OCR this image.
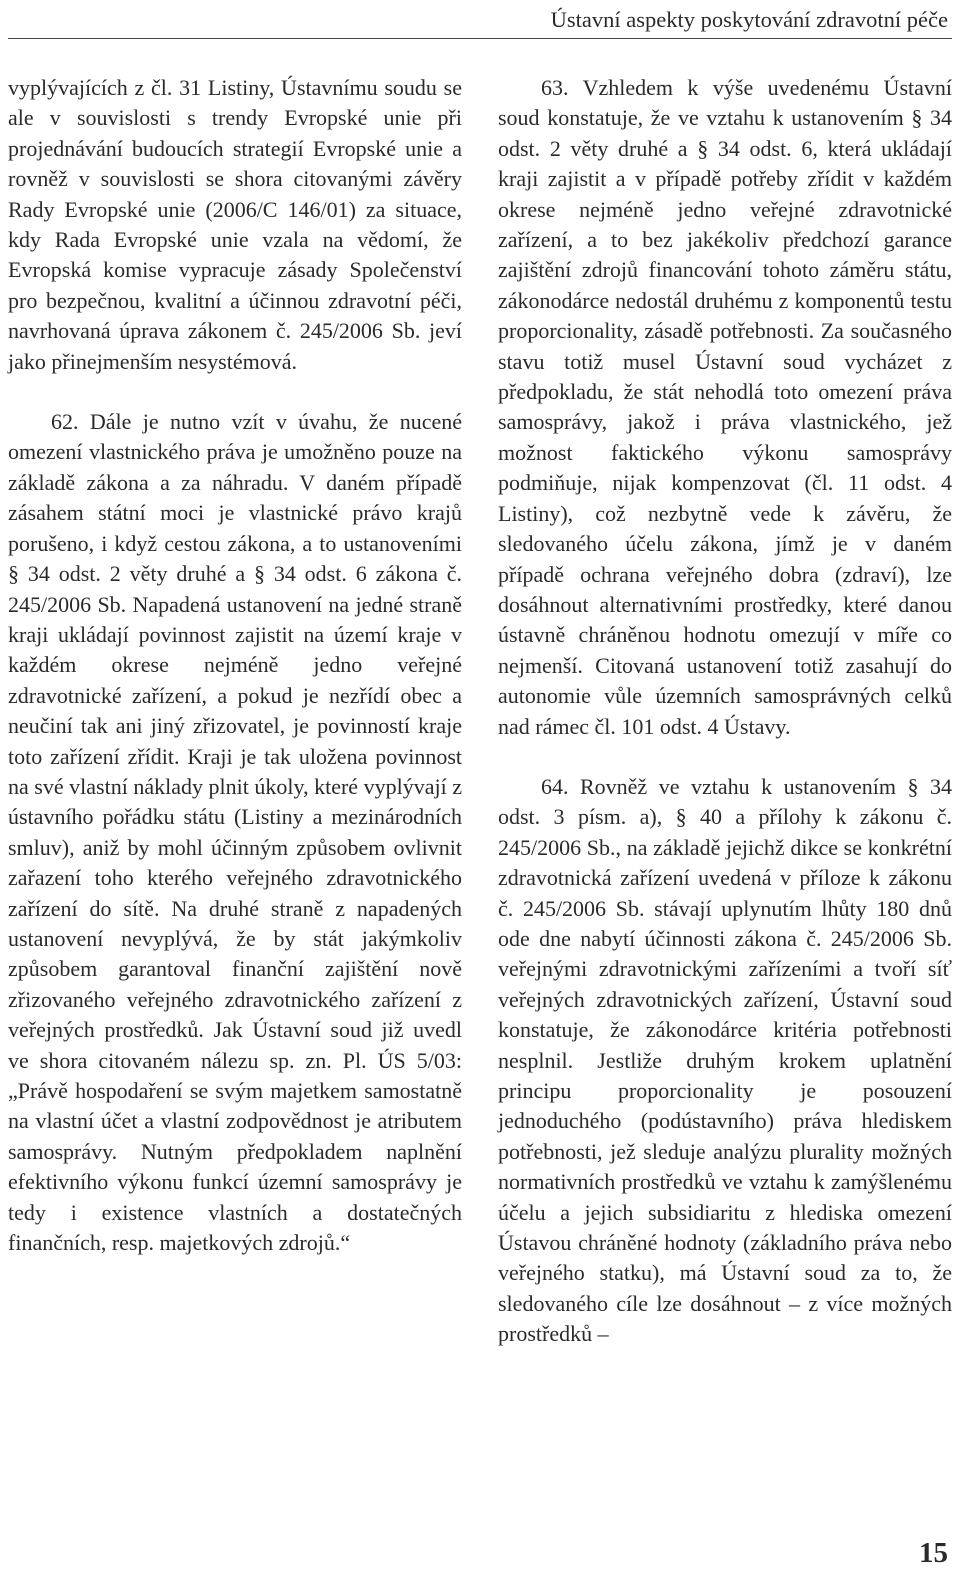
Ústavní aspekty poskytování zdravotní péče

vyplývajících z čl. 31 Listiny, Ústavnímu soudu se ale v souvislosti s trendy Evropské unie při projednávání budoucích strategií Evropské unie a rovněž v souvislosti se shora citovanými závěry Rady Evropské unie (2006/C 146/01) za situace, kdy Rada Evropské unie vzala na vědomí, že Evropská komise vypracuje zásady Společenství pro bezpečnou, kvalitní a účinnou zdravotní péči, navrhovaná úprava zákonem č. 245/2006 Sb. jeví jako přinejmenším nesystémová.

62. Dále je nutno vzít v úvahu, že nucené omezení vlastnického práva je umožněno pouze na základě zákona a za náhradu. V daném případě zásahem státní moci je vlastnické právo krajů porušeno, i když cestou zákona, a to ustanoveními § 34 odst. 2 věty druhé a § 34 odst. 6 zákona č. 245/2006 Sb. Napadená ustanovení na jedné straně kraji ukládají povinnost zajistit na území kraje v každém okrese nejméně jedno veřejné zdravotnické zařízení, a pokud je nezřídí obec a neučiní tak ani jiný zřizovatel, je povinností kraje toto zařízení zřídit. Kraji je tak uložena povinnost na své vlastní náklady plnit úkoly, které vyplývají z ústavního pořádku státu (Listiny a mezinárodních smluv), aniž by mohl účinným způsobem ovlivnit zařazení toho kterého veřejného zdravotnického zařízení do sítě. Na druhé straně z napadených ustanovení nevyplývá, že by stát jakýmkoliv způsobem garantoval finanční zajištění nově zřizovaného veřejného zdravotnického zařízení z veřejných prostředků. Jak Ústavní soud již uvedl ve shora citovaném nálezu sp. zn. Pl. ÚS 5/03: „Právě hospodaření se svým majetkem samostatně na vlastní účet a vlastní zodpovědnost je atributem samosprávy. Nutným předpokladem naplnění efektivního výkonu funkcí územní samosprávy je tedy i existence vlastních a dostatečných finančních, resp. majetkových zdrojů.“

63. Vzhledem k výše uvedenému Ústavní soud konstatuje, že ve vztahu k ustanovením § 34 odst. 2 věty druhé a § 34 odst. 6, která ukládají kraji zajistit a v případě potřeby zřídit v každém okrese nejméně jedno veřejné zdravotnické zařízení, a to bez jakékoliv předchozí garance zajištění zdrojů financování tohoto záměru státu, zákonodárce nedostál druhému z komponentů testu proporcionality, zásadě potřebnosti. Za současného stavu totiž musel Ústavní soud vycházet z předpokladu, že stát nehodlá toto omezení práva samosprávy, jakož i práva vlastnického, jež možnost faktického výkonu samosprávy podmiňuje, nijak kompenzovat (čl. 11 odst. 4 Listiny), což nezbytně vede k závěru, že sledovaného účelu zákona, jímž je v daném případě ochrana veřejného dobra (zdraví), lze dosáhnout alternativními prostředky, které danou ústavně chráněnou hodnotu omezují v míře co nejmenší. Citovaná ustanovení totiž zasahují do autonomie vůle územních samosprávných celků nad rámec čl. 101 odst. 4 Ústavy.

64. Rovněž ve vztahu k ustanovením § 34 odst. 3 písm. a), § 40 a přílohy k zákonu č. 245/2006 Sb., na základě jejichž dikce se konkrétní zdravotnická zařízení uvedená v příloze k zákonu č. 245/2006 Sb. stávají uplynutím lhůty 180 dnů ode dne nabytí účinnosti zákona č. 245/2006 Sb. veřejnými zdravotnickými zařízeními a tvoří síť veřejných zdravotnických zařízení, Ústavní soud konstatuje, že zákonodárce kritéria potřebnosti nesplnil. Jestliže druhým krokem uplatnění principu proporcionality je posouzení jednoduchého (podústavního) práva hlediskem potřebnosti, jež sleduje analýzu plurality možných normativních prostředků ve vztahu k zamýšlenému účelu a jejich subsidiaritu z hlediska omezení Ústavou chráněné hodnoty (základního práva nebo veřejného statku), má Ústavní soud za to, že sledovaného cíle lze dosáhnout – z více možných prostředků –

15
